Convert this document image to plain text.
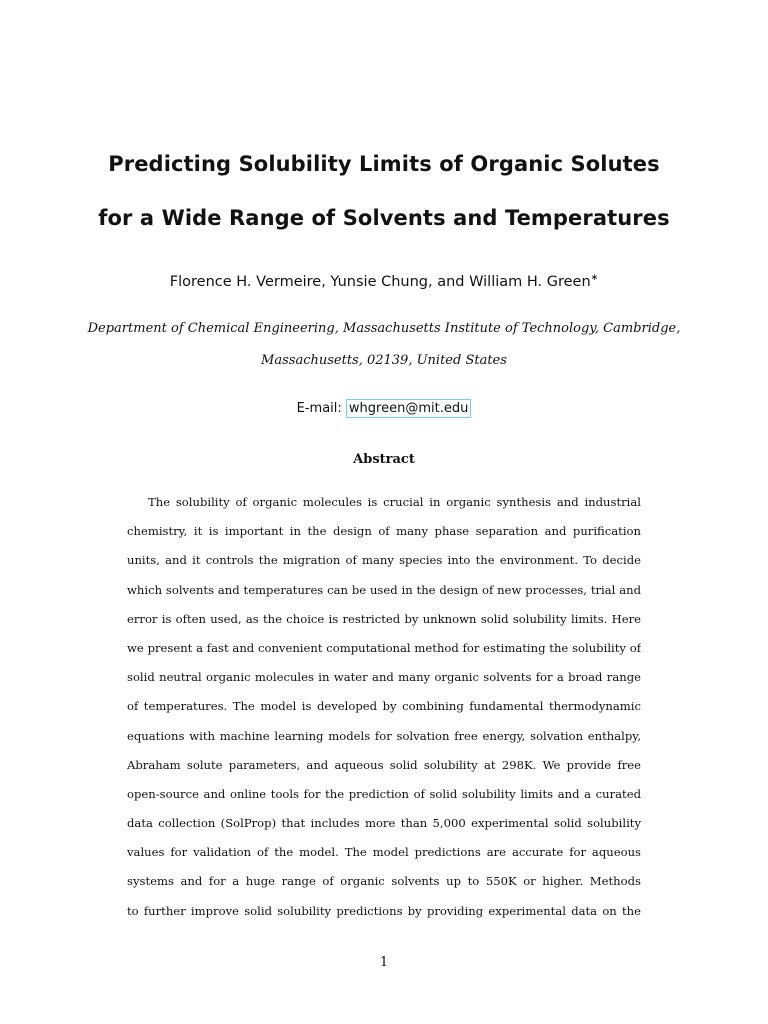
Predicting Solubility Limits of Organic Solutes
for a Wide Range of Solvents and Temperatures
Florence H. Vermeire, Yunsie Chung, and William H. Green∗
Department of Chemical Engineering, Massachusetts Institute of Technology, Cambridge,
Massachusetts, 02139, United States
E-mail: whgreen@mit.edu
Abstract
The solubility of organic molecules is crucial in organic synthesis and industrial
chemistry, it is important in the design of many phase separation and purification
units, and it controls the migration of many species into the environment. To decide
which solvents and temperatures can be used in the design of new processes, trial and
error is often used, as the choice is restricted by unknown solid solubility limits. Here
we present a fast and convenient computational method for estimating the solubility of
solid neutral organic molecules in water and many organic solvents for a broad range
of temperatures. The model is developed by combining fundamental thermodynamic
equations with machine learning models for solvation free energy, solvation enthalpy,
Abraham solute parameters, and aqueous solid solubility at 298K. We provide free
open-source and online tools for the prediction of solid solubility limits and a curated
data collection (SolProp) that includes more than 5,000 experimental solid solubility
values for validation of the model. The model predictions are accurate for aqueous
systems and for a huge range of organic solvents up to 550K or higher. Methods
to further improve solid solubility predictions by providing experimental data on the
1
